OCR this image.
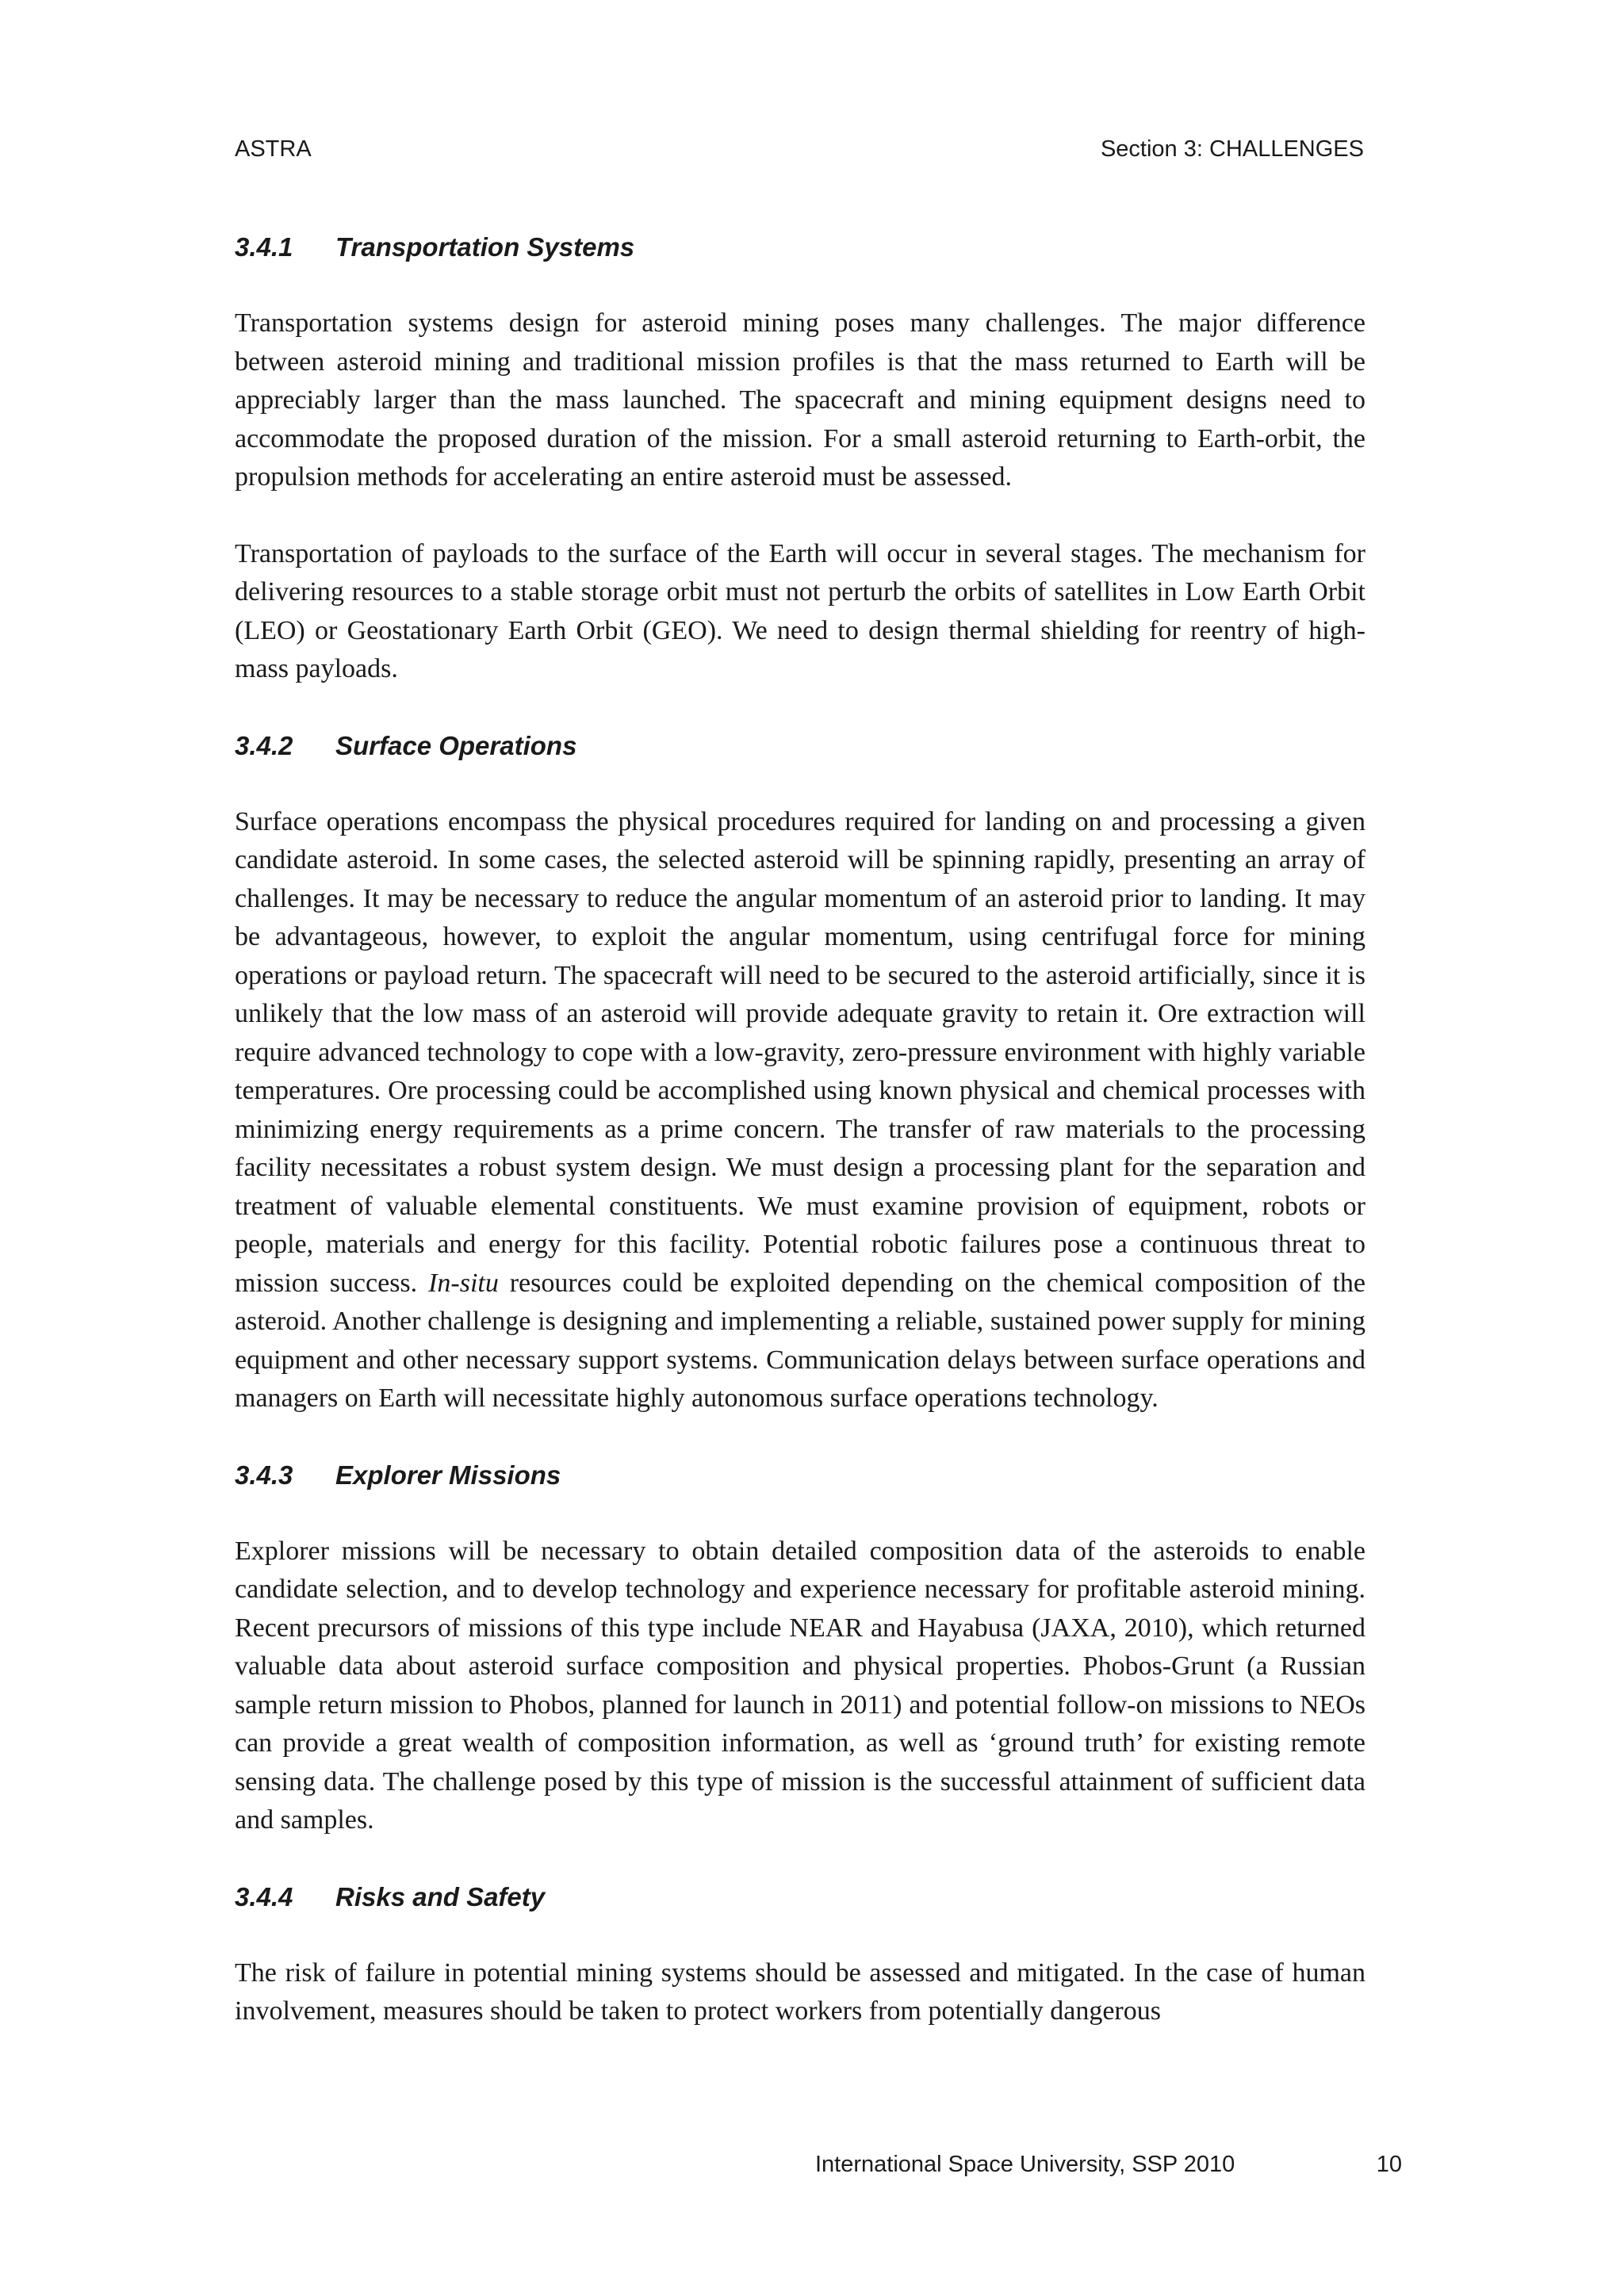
ASTRA	Section 3: CHALLENGES
3.4.1	Transportation Systems

Transportation systems design for asteroid mining poses many challenges. The major difference between asteroid mining and traditional mission profiles is that the mass returned to Earth will be appreciably larger than the mass launched. The spacecraft and mining equipment designs need to accommodate the proposed duration of the mission. For a small asteroid returning to Earth-orbit, the propulsion methods for accelerating an entire asteroid must be assessed.

Transportation of payloads to the surface of the Earth will occur in several stages. The mechanism for delivering resources to a stable storage orbit must not perturb the orbits of satellites in Low Earth Orbit (LEO) or Geostationary Earth Orbit (GEO). We need to design thermal shielding for reentry of high-mass payloads.

3.4.2	Surface Operations

Surface operations encompass the physical procedures required for landing on and processing a given candidate asteroid. In some cases, the selected asteroid will be spinning rapidly, presenting an array of challenges. It may be necessary to reduce the angular momentum of an asteroid prior to landing. It may be advantageous, however, to exploit the angular momentum, using centrifugal force for mining operations or payload return. The spacecraft will need to be secured to the asteroid artificially, since it is unlikely that the low mass of an asteroid will provide adequate gravity to retain it. Ore extraction will require advanced technology to cope with a low-gravity, zero-pressure environment with highly variable temperatures. Ore processing could be accomplished using known physical and chemical processes with minimizing energy requirements as a prime concern. The transfer of raw materials to the processing facility necessitates a robust system design. We must design a processing plant for the separation and treatment of valuable elemental constituents. We must examine provision of equipment, robots or people, materials and energy for this facility. Potential robotic failures pose a continuous threat to mission success. In-situ resources could be exploited depending on the chemical composition of the asteroid. Another challenge is designing and implementing a reliable, sustained power supply for mining equipment and other necessary support systems. Communication delays between surface operations and managers on Earth will necessitate highly autonomous surface operations technology.

3.4.3	Explorer Missions

Explorer missions will be necessary to obtain detailed composition data of the asteroids to enable candidate selection, and to develop technology and experience necessary for profitable asteroid mining. Recent precursors of missions of this type include NEAR and Hayabusa (JAXA, 2010), which returned valuable data about asteroid surface composition and physical properties. Phobos-Grunt (a Russian sample return mission to Phobos, planned for launch in 2011) and potential follow-on missions to NEOs can provide a great wealth of composition information, as well as ‘ground truth’ for existing remote sensing data. The challenge posed by this type of mission is the successful attainment of sufficient data and samples.

3.4.4	Risks and Safety

The risk of failure in potential mining systems should be assessed and mitigated. In the case of human involvement, measures should be taken to protect workers from potentially dangerous

International Space University, SSP 2010	10
